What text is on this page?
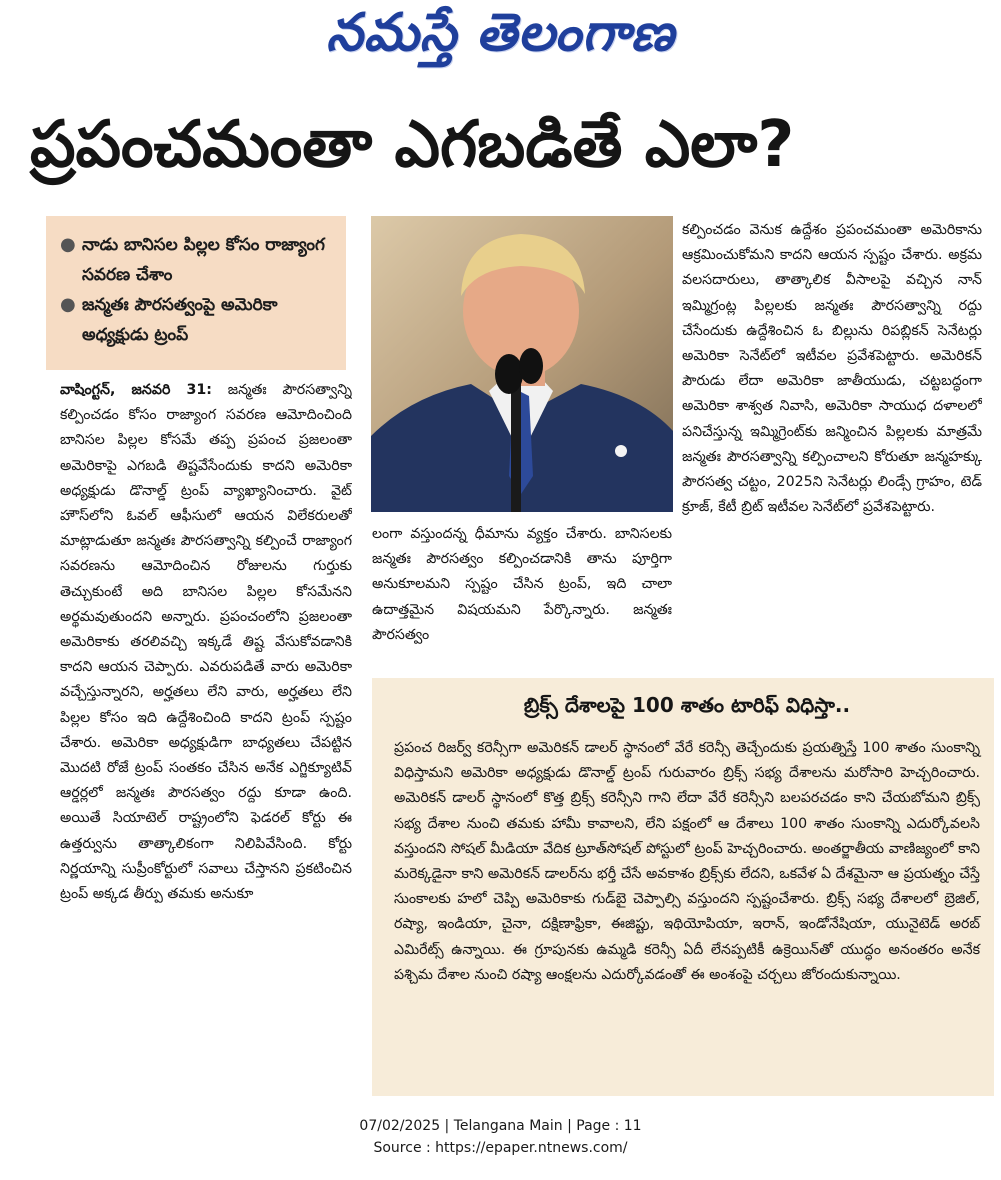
నమస్తే తెలంగాణ
ప్రపంచమంతా ఎగబడితే ఎలా?
● నాడు బానిసల పిల్లల కోసం రాజ్యాంగ సవరణ చేశాం
● జన్మతః పౌరసత్వంపై అమెరికా అధ్యక్షుడు ట్రంప్
వాషింగ్టన్, జనవరి 31: జన్మతః పౌరసత్వాన్ని కల్పించడం కోసం రాజ్యాంగ సవరణ ఆమోదించింది బానిసల పిల్లల కోసమే తప్ప ప్రపంచ ప్రజలంతా అమెరికాపై ఎగబడి తిష్టవేసేందుకు కాదని అమెరికా అధ్యక్షుడు డొనాల్డ్ ట్రంప్ వ్యాఖ్యానించారు. వైట్ హౌస్‌లోని ఓవల్ ఆఫీసులో ఆయన విలేకరులతో మాట్లాడుతూ జన్మతః పౌరసత్వాన్ని కల్పించే రాజ్యాంగ సవరణను ఆమోదించిన రోజులను గుర్తుకు తెచ్చుకుంటే అది బానిసల పిల్లల కోసమేనని అర్థమవుతుందని అన్నారు. ప్రపంచంలోని ప్రజలంతా అమెరికాకు తరలివచ్చి ఇక్కడే తిష్ట వేసుకోవడానికి కాదని ఆయన చెప్పారు. ఎవరుపడితే వారు అమెరికా వచ్చేస్తున్నారని, అర్హతలు లేని వారు, అర్హతలు లేని పిల్లల కోసం ఇది ఉద్దేశించింది కాదని ట్రంప్ స్పష్టం చేశారు. అమెరికా అధ్యక్షుడిగా బాధ్యతలు చేపట్టిన మొదటి రోజే ట్రంప్ సంతకం చేసిన అనేక ఎగ్జిక్యూటివ్ ఆర్డర్లలో జన్మతః పౌరసత్వం రద్దు కూడా ఉంది. అయితే సియాటెల్ రాష్ట్రంలోని ఫెడరల్ కోర్టు ఈ ఉత్తర్వును తాత్కాలికంగా నిలిపివేసింది. కోర్టు నిర్ణయాన్ని సుప్రీంకోర్టులో సవాలు చేస్తానని ప్రకటించిన ట్రంప్ అక్కడ తీర్పు తమకు అనుకూ
లంగా వస్తుందన్న ధీమాను వ్యక్తం చేశారు. బానిసలకు జన్మతః పౌరసత్వం కల్పించడానికి తాను పూర్తిగా అనుకూలమని స్పష్టం చేసిన ట్రంప్, ఇది చాలా ఉదాత్తమైన విషయమని పేర్కొన్నారు. జన్మతః పౌరసత్వం
కల్పించడం వెనుక ఉద్దేశం ప్రపంచమంతా అమెరికాను ఆక్రమించుకోమని కాదని ఆయన స్పష్టం చేశారు. అక్రమ వలసదారులు, తాత్కాలిక వీసాలపై వచ్చిన నాన్ ఇమ్మిగ్రంట్ల పిల్లలకు జన్మతః పౌరసత్వాన్ని రద్దు చేసేందుకు ఉద్దేశించిన ఓ బిల్లును రిపబ్లికన్ సెనేటర్లు అమెరికా సెనేట్‌లో ఇటీవల ప్రవేశపెట్టారు. అమెరికన్ పౌరుడు లేదా అమెరికా జాతీయుడు, చట్టబద్ధంగా అమెరికా శాశ్వత నివాసి, అమెరికా సాయుధ దళాలలో పనిచేస్తున్న ఇమ్మిగ్రెంట్‌కు జన్మించిన పిల్లలకు మాత్రమే జన్మతః పౌరసత్వాన్ని కల్పించాలని కోరుతూ జన్మహక్కు పౌరసత్వ చట్టం, 2025ని సెనేటర్లు లిండ్సే గ్రాహం, టెడ్ క్రూజ్, కేటీ బ్రిట్ ఇటీవల సెనేట్‌లో ప్రవేశపెట్టారు.
బ్రిక్స్ దేశాలపై 100 శాతం టారిఫ్ విధిస్తా..
ప్రపంచ రిజర్వ్ కరెన్సీగా అమెరికన్ డాలర్ స్థానంలో వేరే కరెన్సీ తెచ్చేందుకు ప్రయత్నిస్తే 100 శాతం సుంకాన్ని విధిస్తామని అమెరికా అధ్యక్షుడు డొనాల్డ్ ట్రంప్ గురువారం బ్రిక్స్ సభ్య దేశాలను మరోసారి హెచ్చరించారు. అమెరికన్ డాలర్ స్థానంలో కొత్త బ్రిక్స్ కరెన్సీని గాని లేదా వేరే కరెన్సీని బలపరచడం కాని చేయబోమని బ్రిక్స్ సభ్య దేశాల నుంచి తమకు హామీ కావాలని, లేని పక్షంలో ఆ దేశాలు 100 శాతం సుంకాన్ని ఎదుర్కోవలసి వస్తుందని సోషల్ మీడియా వేదిక ట్రూత్‌సోషల్ పోస్టులో ట్రంప్ హెచ్చరించారు. అంతర్జాతీయ వాణిజ్యంలో కాని మరెక్కడైనా కాని అమెరికన్ డాలర్‌ను భర్తీ చేసే అవకాశం బ్రిక్స్‌కు లేదని, ఒకవేళ ఏ దేశమైనా ఆ ప్రయత్నం చేస్తే సుంకాలకు హలో చెప్పి అమెరికాకు గుడ్‌బై చెప్పాల్సి వస్తుందని స్పష్టంచేశారు. బ్రిక్స్ సభ్య దేశాలలో బ్రెజిల్, రష్యా, ఇండియా, చైనా, దక్షిణాఫ్రికా, ఈజిప్టు, ఇథియోపియా, ఇరాన్, ఇండోనేషియా, యునైటెడ్ అరబ్ ఎమిరేట్స్ ఉన్నాయి. ఈ గ్రూపునకు ఉమ్మడి కరెన్సీ ఏదీ లేనప్పటికీ ఉక్రెయిన్‌తో యుద్ధం అనంతరం అనేక పశ్చిమ దేశాల నుంచి రష్యా ఆంక్షలను ఎదుర్కోవడంతో ఈ అంశంపై చర్చలు జోరందుకున్నాయి.
07/02/2025 | Telangana Main | Page : 11
Source : https://epaper.ntnews.com/
